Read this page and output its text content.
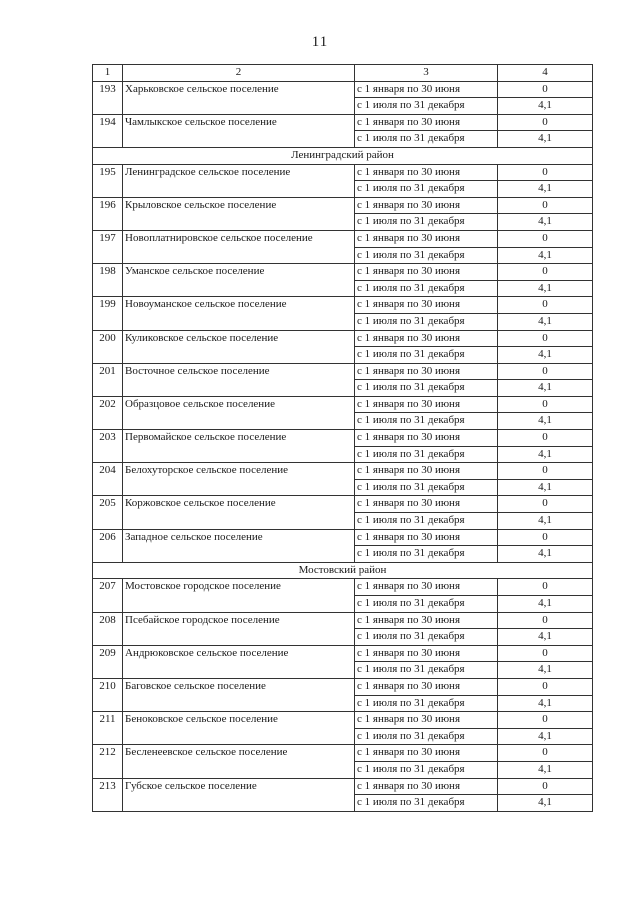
11
1	2	3	4
193	Харьковское сельское поселение	с 1 января по 30 июня	0
		с 1 июля по 31 декабря	4,1
194	Чамлыкское сельское поселение	с 1 января по 30 июня	0
		с 1 июля по 31 декабря	4,1
Ленинградский район			
195	Ленинградское сельское поселение	с 1 января по 30 июня	0
		с 1 июля по 31 декабря	4,1
196	Крыловское сельское поселение	с 1 января по 30 июня	0
		с 1 июля по 31 декабря	4,1
197	Новоплатнировское сельское поселение	с 1 января по 30 июня	0
		с 1 июля по 31 декабря	4,1
198	Уманское сельское поселение	с 1 января по 30 июня	0
		с 1 июля по 31 декабря	4,1
199	Новоуманское сельское поселение	с 1 января по 30 июня	0
		с 1 июля по 31 декабря	4,1
200	Куликовское сельское поселение	с 1 января по 30 июня	0
		с 1 июля по 31 декабря	4,1
201	Восточное сельское поселение	с 1 января по 30 июня	0
		с 1 июля по 31 декабря	4,1
202	Образцовое сельское поселение	с 1 января по 30 июня	0
		с 1 июля по 31 декабря	4,1
203	Первомайское сельское поселение	с 1 января по 30 июня	0
		с 1 июля по 31 декабря	4,1
204	Белохуторское сельское поселение	с 1 января по 30 июня	0
		с 1 июля по 31 декабря	4,1
205	Коржовское сельское поселение	с 1 января по 30 июня	0
		с 1 июля по 31 декабря	4,1
206	Западное сельское поселение	с 1 января по 30 июня	0
		с 1 июля по 31 декабря	4,1
Мостовский район			
207	Мостовское городское поселение	с 1 января по 30 июня	0
		с 1 июля по 31 декабря	4,1
208	Псебайское городское поселение	с 1 января по 30 июня	0
		с 1 июля по 31 декабря	4,1
209	Андрюковское сельское поселение	с 1 января по 30 июня	0
		с 1 июля по 31 декабря	4,1
210	Баговское сельское поселение	с 1 января по 30 июня	0
		с 1 июля по 31 декабря	4,1
211	Беноковское сельское поселение	с 1 января по 30 июня	0
		с 1 июля по 31 декабря	4,1
212	Бесленеевское сельское поселение	с 1 января по 30 июня	0
		с 1 июля по 31 декабря	4,1
213	Губское сельское поселение	с 1 января по 30 июня	0
		с 1 июля по 31 декабря	4,1
